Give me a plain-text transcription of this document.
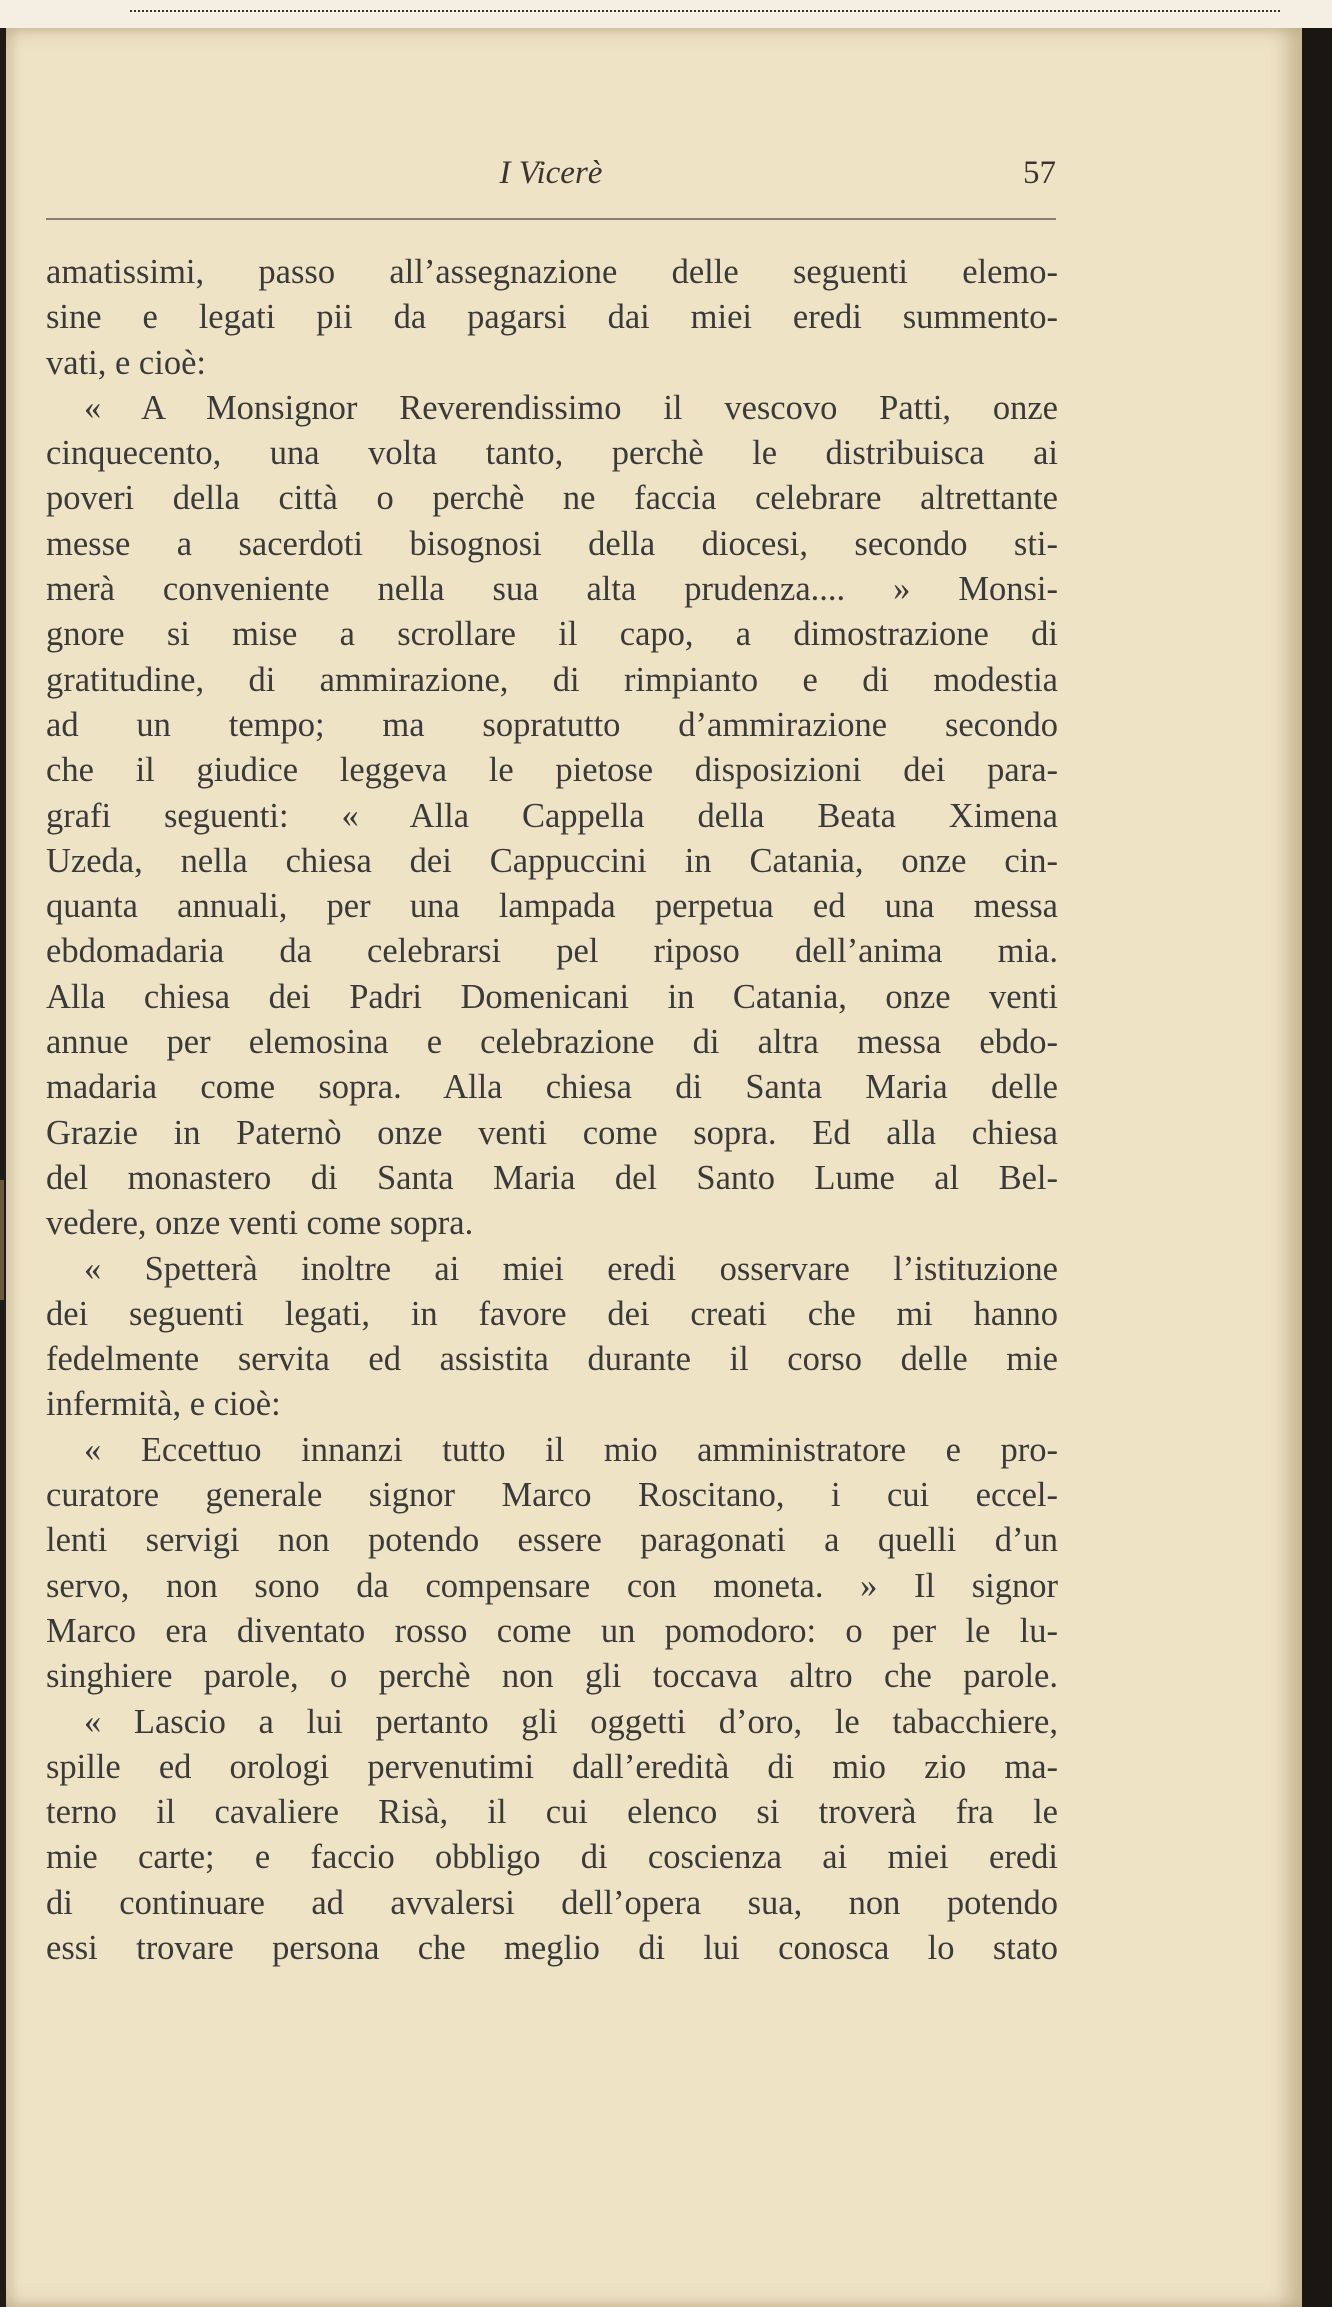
I Vicerè	57
amatissimi, passo all’assegnazione delle seguenti elemo-
sine e legati pii da pagarsi dai miei eredi summento-
vati, e cioè:
« A Monsignor Reverendissimo il vescovo Patti, onze
cinquecento, una volta tanto, perchè le distribuisca ai
poveri della città o perchè ne faccia celebrare altrettante
messe a sacerdoti bisognosi della diocesi, secondo sti-
merà conveniente nella sua alta prudenza.... » Monsi-
gnore si mise a scrollare il capo, a dimostrazione di
gratitudine, di ammirazione, di rimpianto e di modestia
ad un tempo; ma sopratutto d’ammirazione secondo
che il giudice leggeva le pietose disposizioni dei para-
grafi seguenti: « Alla Cappella della Beata Ximena
Uzeda, nella chiesa dei Cappuccini in Catania, onze cin-
quanta annuali, per una lampada perpetua ed una messa
ebdomadaria da celebrarsi pel riposo dell’anima mia.
Alla chiesa dei Padri Domenicani in Catania, onze venti
annue per elemosina e celebrazione di altra messa ebdo-
madaria come sopra. Alla chiesa di Santa Maria delle
Grazie in Paternò onze venti come sopra. Ed alla chiesa
del monastero di Santa Maria del Santo Lume al Bel-
vedere, onze venti come sopra.
« Spetterà inoltre ai miei eredi osservare l’istituzione
dei seguenti legati, in favore dei creati che mi hanno
fedelmente servita ed assistita durante il corso delle mie
infermità, e cioè:
« Eccettuo innanzi tutto il mio amministratore e pro-
curatore generale signor Marco Roscitano, i cui eccel-
lenti servigi non potendo essere paragonati a quelli d’un
servo, non sono da compensare con moneta. » Il signor
Marco era diventato rosso come un pomodoro: o per le lu-
singhiere parole, o perchè non gli toccava altro che parole.
« Lascio a lui pertanto gli oggetti d’oro, le tabacchiere,
spille ed orologi pervenutimi dall’eredità di mio zio ma-
terno il cavaliere Risà, il cui elenco si troverà fra le
mie carte; e faccio obbligo di coscienza ai miei eredi
di continuare ad avvalersi dell’opera sua, non potendo
essi trovare persona che meglio di lui conosca lo stato
